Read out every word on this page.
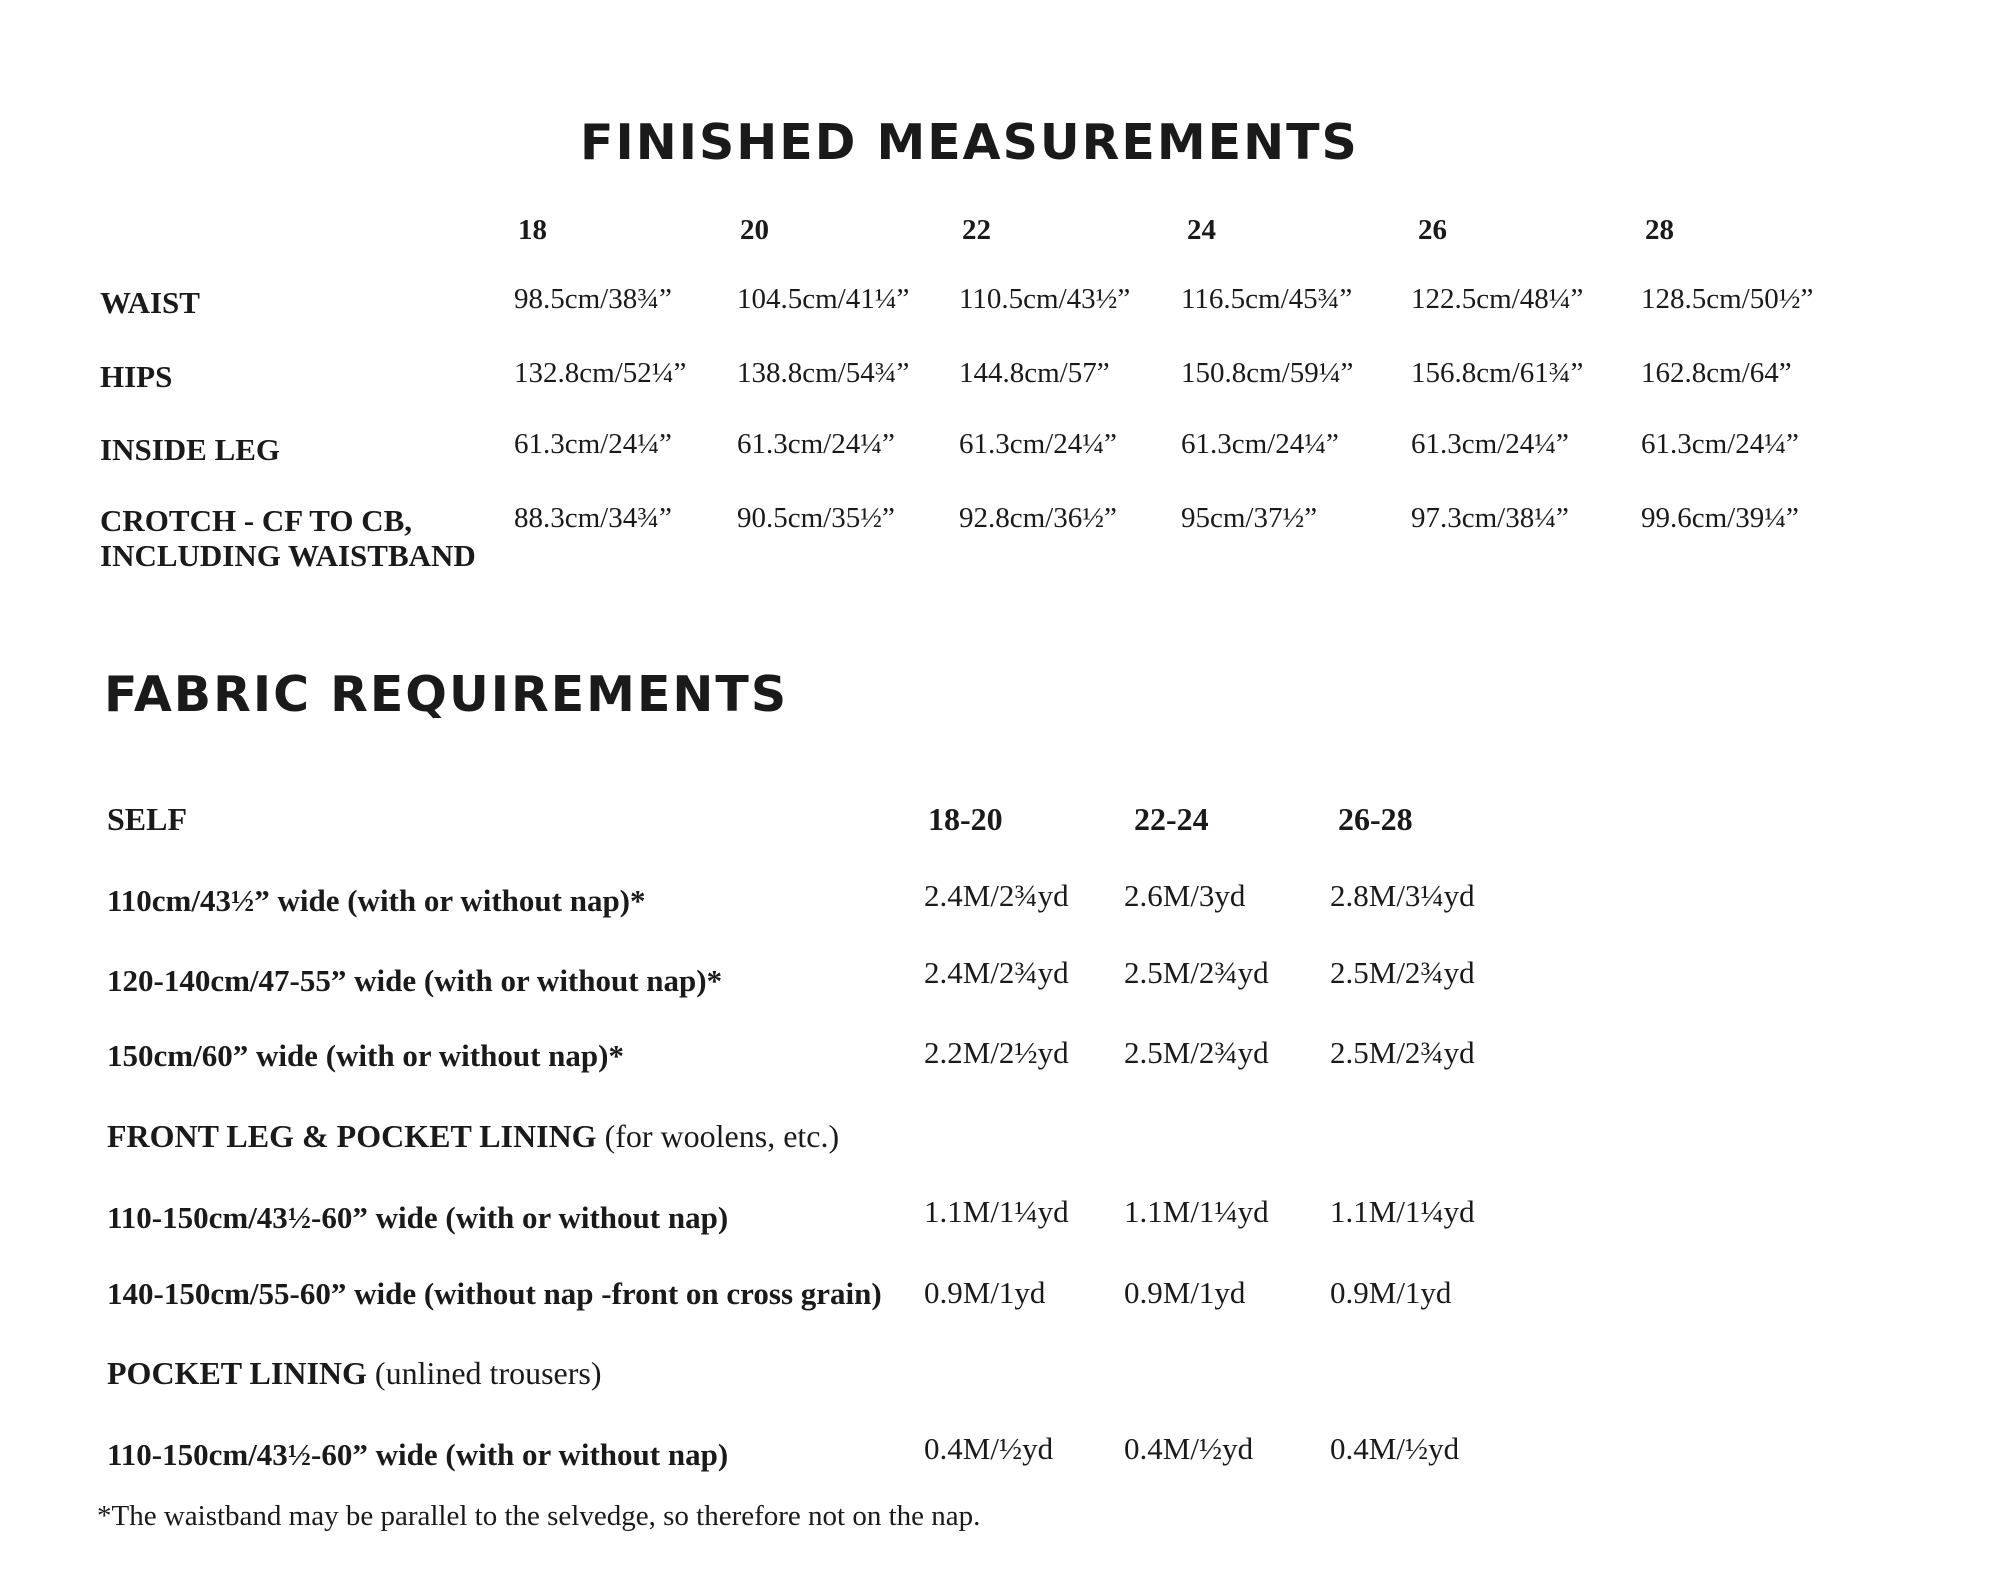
FINISHED MEASUREMENTS
18	20	22	24	26	28
WAIST	98.5cm/38¾” 104.5cm/41¼” 110.5cm/43½” 116.5cm/45¾” 122.5cm/48¼” 128.5cm/50½”
HIPS	132.8cm/52¼” 138.8cm/54¾” 144.8cm/57” 150.8cm/59¼” 156.8cm/61¾” 162.8cm/64”
INSIDE LEG	61.3cm/24¼” 61.3cm/24¼” 61.3cm/24¼” 61.3cm/24¼” 61.3cm/24¼” 61.3cm/24¼”
CROTCH - CF TO CB,
INCLUDING WAISTBAND
88.3cm/34¾” 90.5cm/35½” 92.8cm/36½” 95cm/37½”	97.3cm/38¼” 99.6cm/39¼”
FABRIC REQUIREMENTS
SELF	18-20	22-24	26-28
110cm/43½” wide (with or without nap)*	2.4M/2¾yd 2.6M/3yd	2.8M/3¼yd
120-140cm/47-55” wide (with or without nap)*	2.4M/2¾yd 2.5M/2¾yd 2.5M/2¾yd
150cm/60” wide (with or without nap)*	2.2M/2½yd 2.5M/2¾yd 2.5M/2¾yd
FRONT LEG & POCKET LINING (for woolens, etc.)
110-150cm/43½-60” wide (with or without nap)	1.1M/1¼yd 1.1M/1¼yd 1.1M/1¼yd
140-150cm/55-60” wide (without nap -front on cross grain) 0.9M/1yd	0.9M/1yd	0.9M/1yd
POCKET LINING (unlined trousers)
110-150cm/43½-60” wide (with or without nap)	0.4M/½yd 0.4M/½yd 0.4M/½yd
*The waistband may be parallel to the selvedge, so therefore not on the nap.
